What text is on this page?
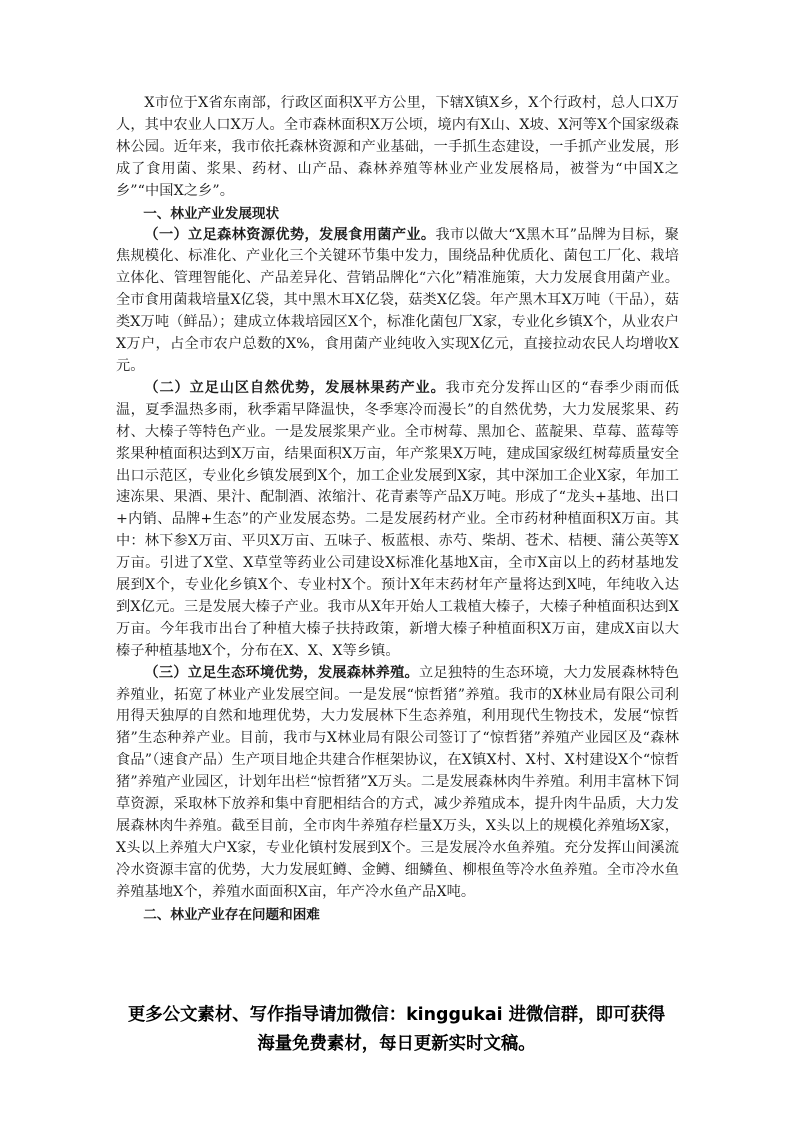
X市位于X省东南部，行政区面积X平方公里，下辖X镇X乡，X个行政村，总人口X万人，其中农业人口X万人。全市森林面积X万公顷，境内有X山、X坡、X河等X个国家级森林公园。近年来，我市依托森林资源和产业基础，一手抓生态建设，一手抓产业发展，形成了食用菌、浆果、药材、山产品、森林养殖等林业产业发展格局，被誉为“中国X之乡”“中国X之乡”。

一、林业产业发展现状

（一）立足森林资源优势，发展食用菌产业。我市以做大“X黑木耳”品牌为目标，聚焦规模化、标准化、产业化三个关键环节集中发力，围绕品种优质化、菌包工厂化、栽培立体化、管理智能化、产品差异化、营销品牌化“六化”精准施策，大力发展食用菌产业。全市食用菌栽培量X亿袋，其中黑木耳X亿袋，菇类X亿袋。年产黑木耳X万吨（干品），菇类X万吨（鲜品）；建成立体栽培园区X个，标准化菌包厂X家，专业化乡镇X个，从业农户X万户，占全市农户总数的X%，食用菌产业纯收入实现X亿元，直接拉动农民人均增收X元。

（二）立足山区自然优势，发展林果药产业。我市充分发挥山区的“春季少雨而低温，夏季温热多雨，秋季霜早降温快，冬季寒冷而漫长”的自然优势，大力发展浆果、药材、大榛子等特色产业。一是发展浆果产业。全市树莓、黑加仑、蓝靛果、草莓、蓝莓等浆果种植面积达到X万亩，结果面积X万亩，年产浆果X万吨，建成国家级红树莓质量安全出口示范区，专业化乡镇发展到X个，加工企业发展到X家，其中深加工企业X家，年加工速冻果、果酒、果汁、配制酒、浓缩汁、花青素等产品X万吨。形成了“龙头+基地、出口+内销、品牌+生态”的产业发展态势。二是发展药材产业。全市药材种植面积X万亩。其中：林下参X万亩、平贝X万亩、五味子、板蓝根、赤芍、柴胡、苍术、桔梗、蒲公英等X万亩。引进了X堂、X草堂等药业公司建设X标准化基地X亩，全市X亩以上的药材基地发展到X个，专业化乡镇X个、专业村X个。预计X年末药材年产量将达到X吨，年纯收入达到X亿元。三是发展大榛子产业。我市从X年开始人工栽植大榛子，大榛子种植面积达到X万亩。今年我市出台了种植大榛子扶持政策，新增大榛子种植面积X万亩，建成X亩以大榛子种植基地X个，分布在X、X、X等乡镇。

（三）立足生态环境优势，发展森林养殖。立足独特的生态环境，大力发展森林特色养殖业，拓宽了林业产业发展空间。一是发展“惊哲猪”养殖。我市的X林业局有限公司利用得天独厚的自然和地理优势，大力发展林下生态养殖，利用现代生物技术，发展“惊哲猪”生态种养产业。目前，我市与X林业局有限公司签订了“惊哲猪”养殖产业园区及“森林食品”（速食产品）生产项目地企共建合作框架协议，在X镇X村、X村、X村建设X个“惊哲猪”养殖产业园区，计划年出栏“惊哲猪”X万头。二是发展森林肉牛养殖。利用丰富林下饲草资源，采取林下放养和集中育肥相结合的方式，减少养殖成本，提升肉牛品质，大力发展森林肉牛养殖。截至目前，全市肉牛养殖存栏量X万头，X头以上的规模化养殖场X家，X头以上养殖大户X家，专业化镇村发展到X个。三是发展冷水鱼养殖。充分发挥山间溪流冷水资源丰富的优势，大力发展虹鳟、金鳟、细鳞鱼、柳根鱼等冷水鱼养殖。全市冷水鱼养殖基地X个，养殖水面面积X亩，年产冷水鱼产品X吨。

二、林业产业存在问题和困难

更多公文素材、写作指导请加微信：kinggukai 进微信群，即可获得
海量免费素材，每日更新实时文稿。
